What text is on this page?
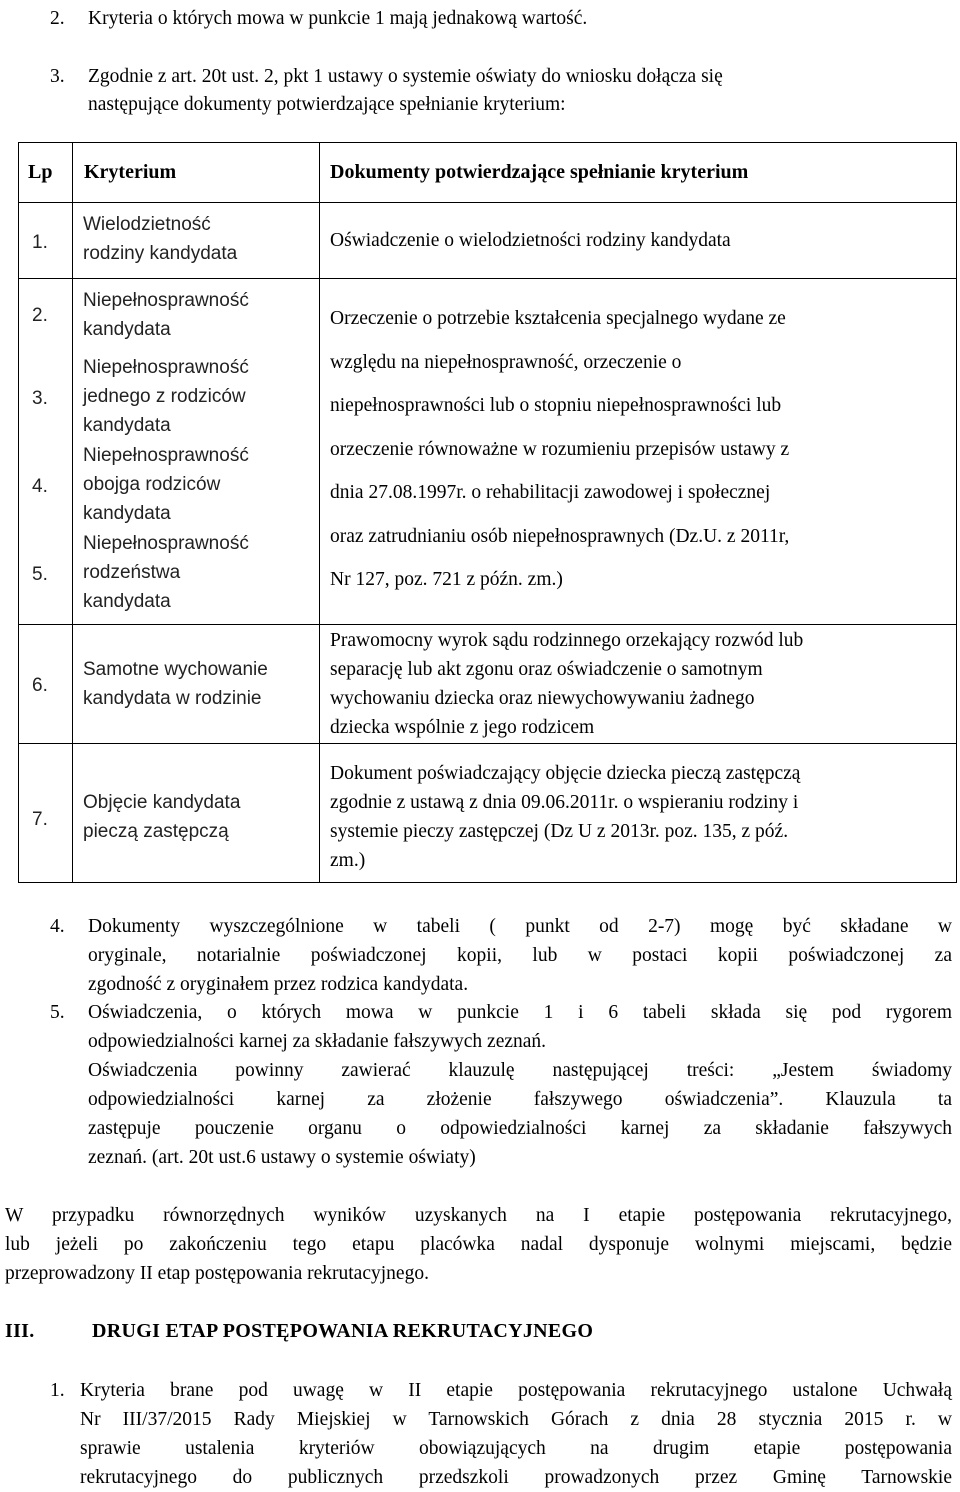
2. Kryteria o których mowa w punkcie 1 mają jednakową wartość.
3. Zgodnie z art. 20t ust. 2, pkt 1 ustawy o systemie oświaty do wniosku dołącza się
następujące dokumenty potwierdzające spełnianie kryterium:
Lp Kryterium	Dokumenty potwierdzające spełnianie kryterium
1.
2.
3.
4.
5.
6.
7.
Wielodzietność
rodziny kandydata
Niepełnosprawność
kandydata
Niepełnosprawność
jednego z rodziców
kandydata
Niepełnosprawność
obojga rodziców
kandydata
Niepełnosprawność
rodzeństwa
kandydata
Samotne wychowanie
kandydata w rodzinie
Objęcie kandydata
pieczą zastępczą
Oświadczenie o wielodzietności rodziny kandydata
Orzeczenie o potrzebie kształcenia specjalnego wydane ze
względu na niepełnosprawność, orzeczenie o
niepełnosprawności lub o stopniu niepełnosprawności lub
orzeczenie równoważne w rozumieniu przepisów ustawy z
dnia 27.08.1997r. o rehabilitacji zawodowej i społecznej
oraz zatrudnianiu osób niepełnosprawnych (Dz.U. z 2011r,
Nr 127, poz. 721 z późn. zm.)
Prawomocny wyrok sądu rodzinnego orzekający rozwód lub
separację lub akt zgonu oraz oświadczenie o samotnym
wychowaniu dziecka oraz niewychowywaniu żadnego
dziecka wspólnie z jego rodzicem
Dokument poświadczający objęcie dziecka pieczą zastępczą
zgodnie z ustawą z dnia 09.06.2011r. o wspieraniu rodziny i
systemie pieczy zastępczej (Dz U z 2013r. poz. 135, z póź.
zm.)
4. Dokumenty wyszczególnione w tabeli ( punkt od 2-7) mogę być składane w
oryginale, notarialnie poświadczonej kopii, lub w postaci kopii poświadczonej za
zgodność z oryginałem przez rodzica kandydata.
5. Oświadczenia, o których mowa w punkcie 1 i 6 tabeli składa się pod rygorem
odpowiedzialności karnej za składanie fałszywych zeznań.
Oświadczenia powinny zawierać klauzulę następującej treści: „Jestem świadomy
odpowiedzialności karnej za złożenie fałszywego oświadczenia”. Klauzula ta
zastępuje pouczenie organu o odpowiedzialności karnej za składanie fałszywych
zeznań. (art. 20t ust.6 ustawy o systemie oświaty)
W przypadku równorzędnych wyników uzyskanych na I etapie postępowania rekrutacyjnego,
lub jeżeli po zakończeniu tego etapu placówka nadal dysponuje wolnymi miejscami, będzie
przeprowadzony II etap postępowania rekrutacyjnego.
III.	DRUGI ETAP POSTĘPOWANIA REKRUTACYJNEGO
1. Kryteria brane pod uwagę w II etapie postępowania rekrutacyjnego ustalone Uchwałą
Nr III/37/2015 Rady Miejskiej w Tarnowskich Górach z dnia 28 stycznia 2015 r. w
sprawie ustalenia kryteriów obowiązujących na drugim etapie postępowania
rekrutacyjnego do publicznych przedszkoli prowadzonych przez Gminę Tarnowskie
